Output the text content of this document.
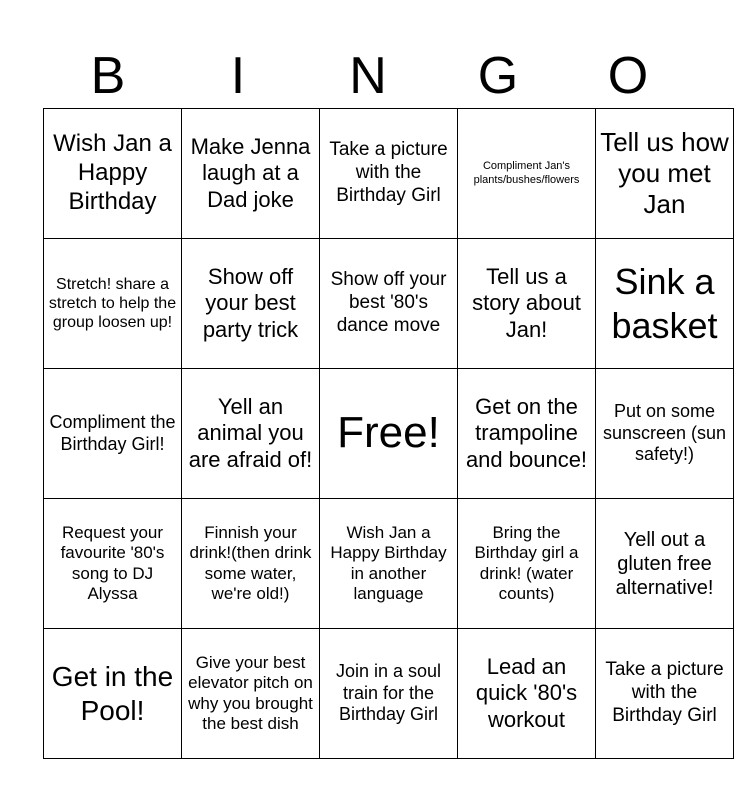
B	I	N	G	O
Wish Jan a Happy Birthday	Make Jenna laugh at a Dad joke	Take a picture with the Birthday Girl	Compliment Jan's plants/bushes/flowers	Tell us how you met Jan
Stretch! share a stretch to help the group loosen up!	Show off your best party trick	Show off your best '80's dance move	Tell us a story about Jan!	Sink a basket
Compliment the Birthday Girl!	Yell an animal you are afraid of!	Free!	Get on the trampoline and bounce!	Put on some sunscreen (sun safety!)
Request your favourite '80's song to DJ Alyssa	Finnish your drink!(then drink some water, we're old!)	Wish Jan a Happy Birthday in another language	Bring the Birthday girl a drink! (water counts)	Yell out a gluten free alternative!
Get in the Pool!	Give your best elevator pitch on why you brought the best dish	Join in a soul train for the Birthday Girl	Lead an quick '80's workout	Take a picture with the Birthday Girl
